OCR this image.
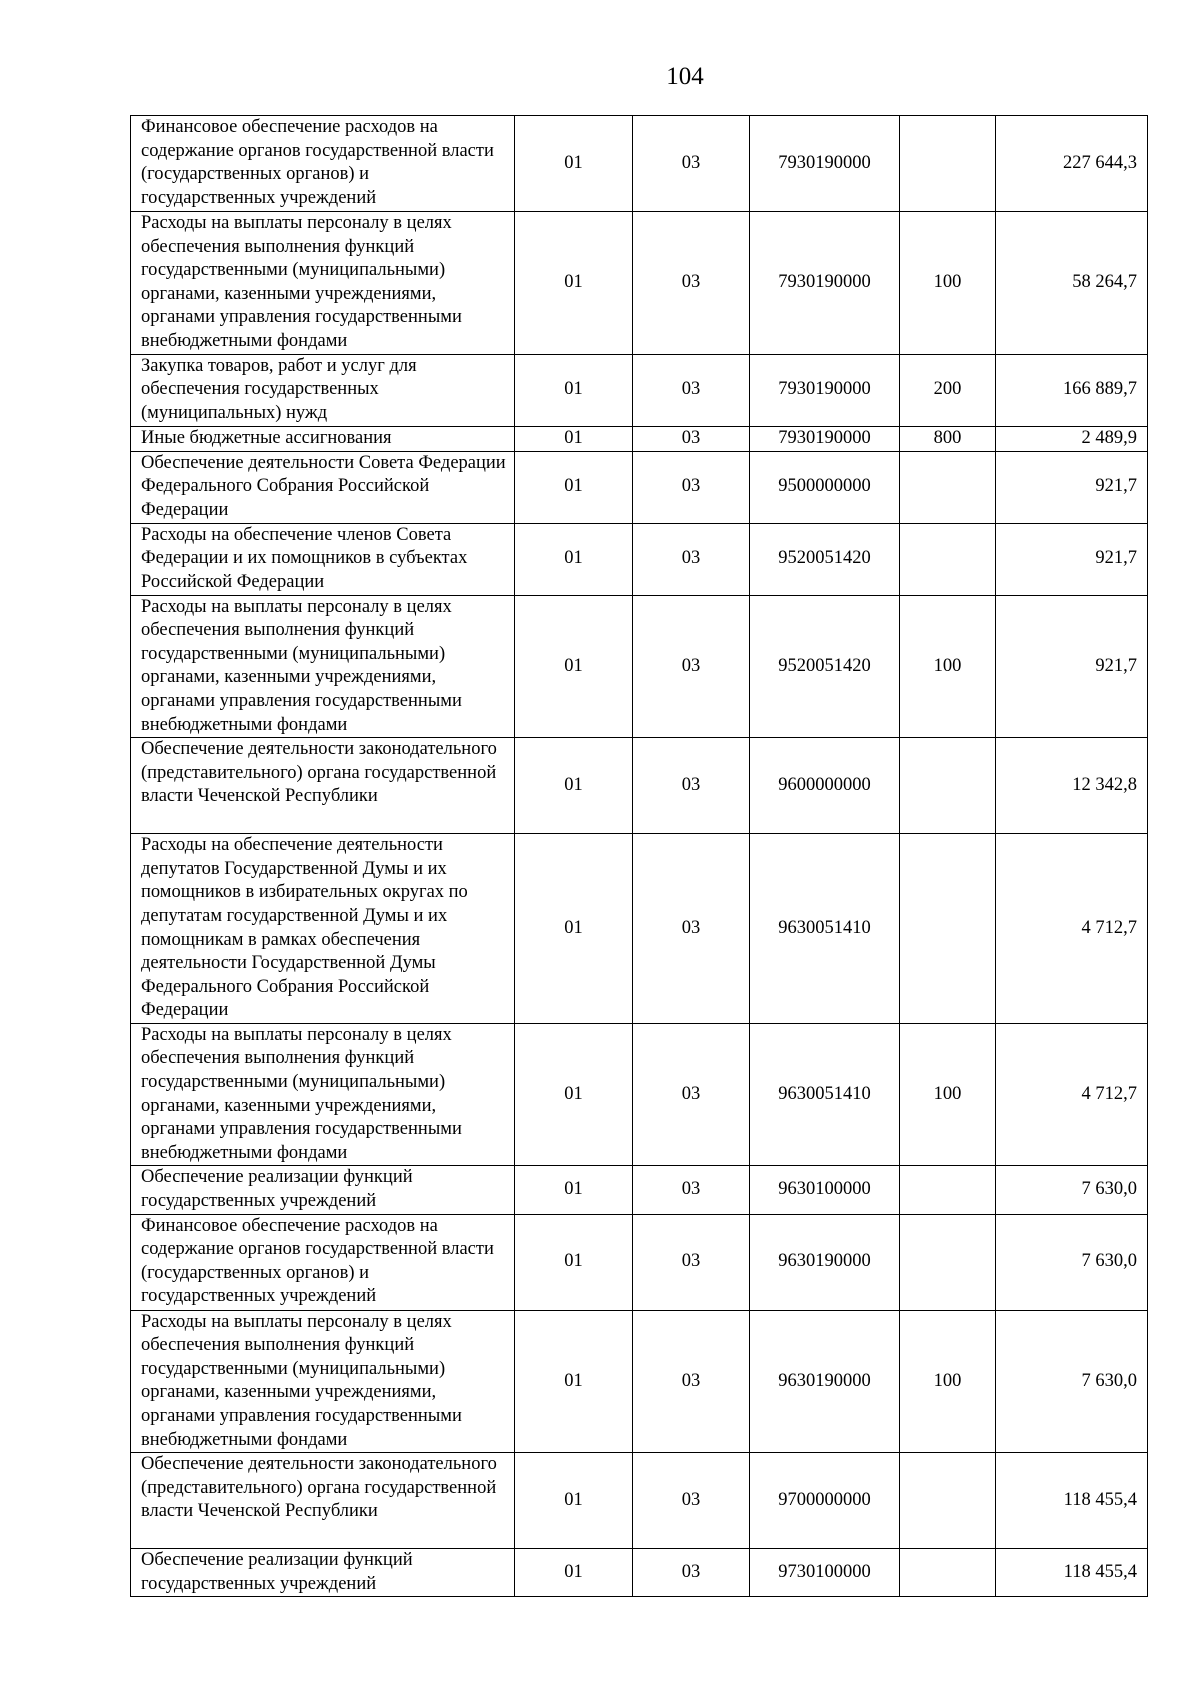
104
Финансовое обеспечение расходов на содержание органов государственной власти (государственных органов) и государственных учреждений	01	03	7930190000		227 644,3
Расходы на выплаты персоналу в целях обеспечения выполнения функций государственными (муниципальными) органами, казенными учреждениями, органами управления государственными внебюджетными фондами	01	03	7930190000	100	58 264,7
Закупка товаров, работ и услуг для обеспечения государственных (муниципальных) нужд	01	03	7930190000	200	166 889,7
Иные бюджетные ассигнования	01	03	7930190000	800	2 489,9
Обеспечение деятельности Совета Федерации Федерального Собрания Российской Федерации	01	03	9500000000		921,7
Расходы на обеспечение членов Совета Федерации и их помощников в субъектах Российской Федерации	01	03	9520051420		921,7
Расходы на выплаты персоналу в целях обеспечения выполнения функций государственными (муниципальными) органами, казенными учреждениями, органами управления государственными внебюджетными фондами	01	03	9520051420	100	921,7
Обеспечение деятельности законодательного (представительного) органа государственной власти Чеченской Республики	01	03	9600000000		12 342,8
Расходы на обеспечение деятельности депутатов Государственной Думы и их помощников в избирательных округах по депутатам государственной Думы и их помощникам в рамках обеспечения деятельности Государственной Думы Федерального Собрания Российской Федерации	01	03	9630051410		4 712,7
Расходы на выплаты персоналу в целях обеспечения выполнения функций государственными (муниципальными) органами, казенными учреждениями, органами управления государственными внебюджетными фондами	01	03	9630051410	100	4 712,7
Обеспечение реализации функций государственных учреждений	01	03	9630100000		7 630,0
Финансовое обеспечение расходов на содержание органов государственной власти (государственных органов) и государственных учреждений	01	03	9630190000		7 630,0
Расходы на выплаты персоналу в целях обеспечения выполнения функций государственными (муниципальными) органами, казенными учреждениями, органами управления государственными внебюджетными фондами	01	03	9630190000	100	7 630,0
Обеспечение деятельности законодательного (представительного) органа государственной власти Чеченской Республики	01	03	9700000000		118 455,4
Обеспечение реализации функций государственных учреждений	01	03	9730100000		118 455,4
